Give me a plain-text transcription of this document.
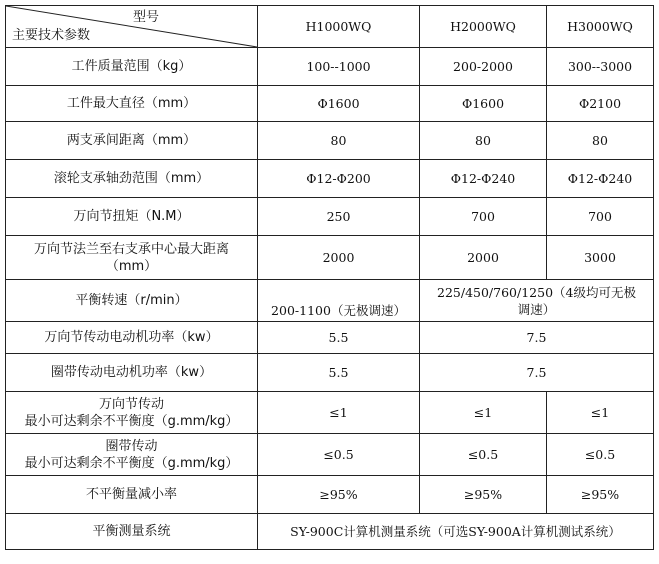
型号
主要技术参数	H1000WQ	H2000WQ	H3000WQ
工件质量范围（kg）	100--1000	200-2000	300--3000
工件最大直径（mm）	Φ1600	Φ1600	Φ2100
两支承间距离（mm）	80	80	80
滚轮支承轴劲范围（mm）	Φ12-Φ200	Φ12-Φ240	Φ12-Φ240
万向节扭矩（N.M）	250	700	700

万向节法兰至右支承中心最大距离
（mm）	2000	2000	3000
平衡转速（r/min）	200-1100（无极调速）	225/450/760/1250（4级均可无极
调速）	

万向节传动电动机功率（kw）	5.5	7.5	
圈带传动电动机功率（kw）	5.5	7.5	

万向节传动
最小可达剩余不平衡度（g.mm/kg）	≤1	≤1	≤1

圈带传动
最小可达剩余不平衡度（g.mm/kg）	≤0.5	≤0.5	≤0.5
不平衡量减小率	≥95%	≥95%	≥95%
平衡测量系统	SY-900C计算机测量系统（可选SY-900A计算机测试系统）		
